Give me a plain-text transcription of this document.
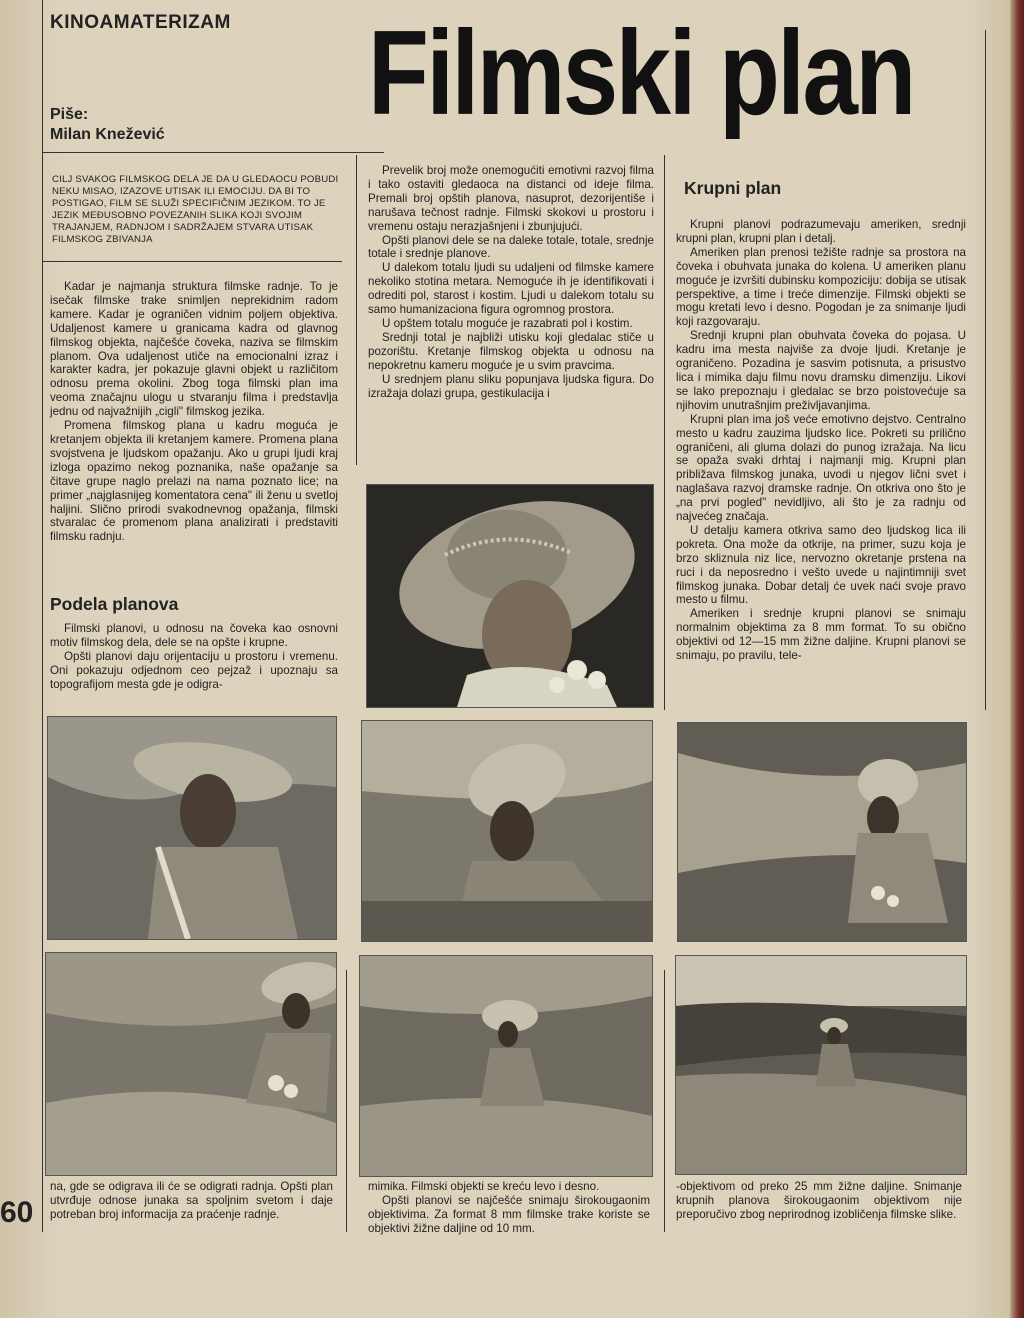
KINOAMATERIZAM
Piše:
Milan Knežević Filmski plan
CILJ SVAKOG FILMSKOG DELA JE DA U GLEDAOCU POBUDI NEKU MISAO, IZAZOVE UTISAK ILI EMOCIJU. DA BI TO POSTIGAO, FILM SE SLUŽI SPECIFIČNIM JEZIKOM. TO JE JEZIK MEĐUSOBNO POVEZANIH SLIKA KOJI SVOJIM TRAJANJEM, RADNJOM I SADRŽAJEM STVARA UTISAK FILMSKOG ZBIVANJA

Kadar je najmanja struktura filmske radnje. To je isečak filmske trake snimljen neprekidnim radom kamere. Kadar je ograničen vidnim poljem objektiva. Udaljenost kamere u granicama kadra od glavnog filmskog objekta, najčešće čoveka, naziva se filmskim planom. Ova udaljenost utiče na emocionalni izraz i karakter kadra, jer pokazuje glavni objekt u različitom odnosu prema okolini. Zbog toga filmski plan ima veoma značajnu ulogu u stvaranju filma i predstavlja jednu od najvažnijih „cigli" filmskog jezika.

Promena filmskog plana u kadru moguća je kretanjem objekta ili kretanjem kamere. Promena plana svojstvena je ljudskom opažanju. Ako u grupi ljudi kraj izloga opazimo nekog poznanika, naše opažanje sa čitave grupe naglo prelazi na nama poznato lice; na primer „najglasnijeg komentatora cena" ili ženu u svetloj haljini. Slično prirodi svakodnevnog opažanja, filmski stvaralac će promenom plana analizirati i predstaviti filmsku radnju.

Podela planova

Filmski planovi, u odnosu na čoveka kao osnovni motiv filmskog dela, dele se na opšte i krupne.

Opšti planovi daju orijentaciju u prostoru i vremenu. Oni pokazuju odjednom ceo pejzaž i upoznaju sa topografijom mesta gde je odigra-

Prevelik broj može onemogućiti emotivni razvoj filma i tako ostaviti gledaoca na distanci od ideje filma. Premali broj opštih planova, nasuprot, dezorijentiše i narušava tečnost radnje. Filmski skokovi u prostoru i vremenu ostaju nerazjašnjeni i zbunjujući.

Opšti planovi dele se na daleke totale, totale, srednje totale i srednje planove.

U dalekom totalu ljudi su udaljeni od filmske kamere nekoliko stotina metara. Nemoguće ih je identifikovati i odrediti pol, starost i kostim. Ljudi u dalekom totalu su samo humanizaciona figura ogromnog prostora.

U opštem totalu moguće je razabrati pol i kostim.

Srednji total je najbliži utisku koji gledalac stiče u pozorištu. Kretanje filmskog objekta u odnosu na nepokretnu kameru moguće je u svim pravcima.

U srednjem planu sliku popunjava ljudska figura. Do izražaja dolazi grupa, gestikulacija i

Krupni plan

Krupni planovi podrazumevaju ameriken, srednji krupni plan, krupni plan i detalj.

Ameriken plan prenosi težište radnje sa prostora na čoveka i obuhvata junaka do kolena. U ameriken planu moguće je izvršiti dubinsku kompoziciju: dobija se utisak perspektive, a time i treće dimenzije. Filmski objekti se mogu kretati levo i desno. Pogodan je za snimanje ljudi koji razgovaraju.

Srednji krupni plan obuhvata čoveka do pojasa. U kadru ima mesta najviše za dvoje ljudi. Kretanje je ograničeno. Pozadina je sasvim potisnuta, a prisustvo lica i mimika daju filmu novu dramsku dimenziju. Likovi se lako prepoznaju i gledalac se brzo poistovećuje sa njihovim unutrašnjim preživljavanjima.

Krupni plan ima još veće emotivno dejstvo. Centralno mesto u kadru zauzima ljudsko lice. Pokreti su prilično ograničeni, ali gluma dolazi do punog izražaja. Na licu se opaža svaki drhtaj i najmanji mig. Krupni plan približava filmskog junaka, uvodi u njegov lični svet i naglašava razvoj dramske radnje. On otkriva ono što je „na prvi pogled" nevidljivo, ali što je za radnju od najvećeg značaja.

U detalju kamera otkriva samo deo ljudskog lica ili pokreta. Ona može da otkrije, na primer, suzu koja je brzo skliznula niz lice, nervozno okretanje prstena na ruci i da neposredno i vešto uvede u najintimniji svet filmskog junaka. Dobar detalj će uvek naći svoje pravo mesto u filmu.

Ameriken i srednje krupni planovi se snimaju normalnim objektima za 8 mm format. To su obično objektivi od 12—15 mm žižne daljine. Krupni planovi se snimaju, po pravilu, tele-

na, gde se odigrava ili će se odigrati radnja. Opšti plan utvrđuje odnose junaka sa spoljnim svetom i daje potreban broj informacija za praćenje radnje.

mimika. Filmski objekti se kreću levo i desno.

Opšti planovi se najčešće snimaju širokougaonim objektivima. Za format 8 mm filmske trake koriste se objektivi žižne daljine od 10 mm.

-objektivom od preko 25 mm žižne daljine. Snimanje krupnih planova širokougaonim objektivom nije preporučivo zbog neprirodnog izobličenja filmske slike.

60
